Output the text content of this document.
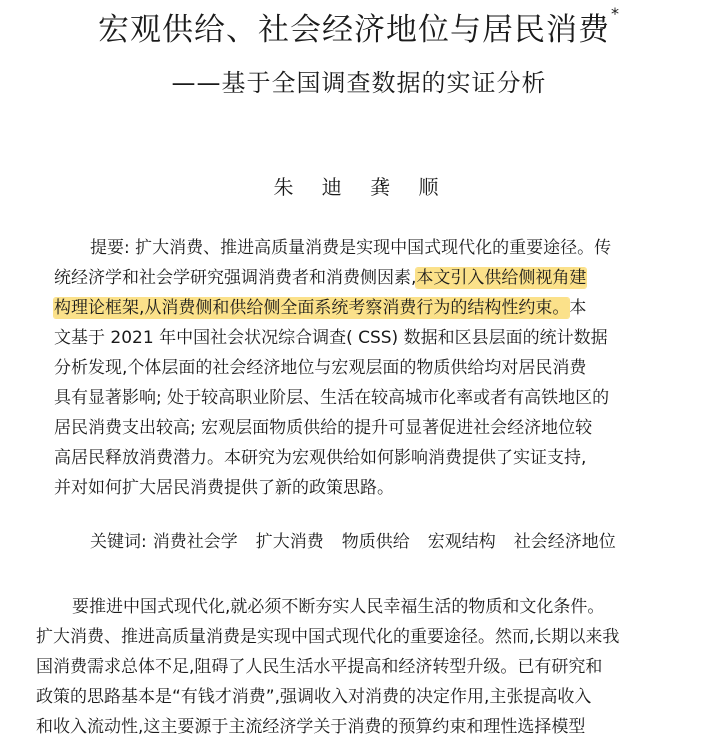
宏观供给、社会经济地位与居民消费*
——基于全国调查数据的实证分析
朱 迪 龚 顺
提要: 扩大消费、推进高质量消费是实现中国式现代化的重要途径。传
统经济学和社会学研究强调消费者和消费侧因素,本文引入供给侧视角建
构理论框架,从消费侧和供给侧全面系统考察消费行为的结构性约束。本
文基于 2021 年中国社会状况综合调查( CSS) 数据和区县层面的统计数据
分析发现,个体层面的社会经济地位与宏观层面的物质供给均对居民消费
具有显著影响; 处于较高职业阶层、生活在较高城市化率或者有高铁地区的
居民消费支出较高; 宏观层面物质供给的提升可显著促进社会经济地位较
高居民释放消费潜力。本研究为宏观供给如何影响消费提供了实证支持,
并对如何扩大居民消费提供了新的政策思路。
关键词: 消费社会学 扩大消费 物质供给 宏观结构 社会经济地位
要推进中国式现代化,就必须不断夯实人民幸福生活的物质和文化条件。
扩大消费、推进高质量消费是实现中国式现代化的重要途径。然而,长期以来我
国消费需求总体不足,阻碍了人民生活水平提高和经济转型升级。已有研究和
政策的思路基本是“有钱才消费”,强调收入对消费的决定作用,主张提高收入
和收入流动性,这主要源于主流经济学关于消费的预算约束和理性选择模型
